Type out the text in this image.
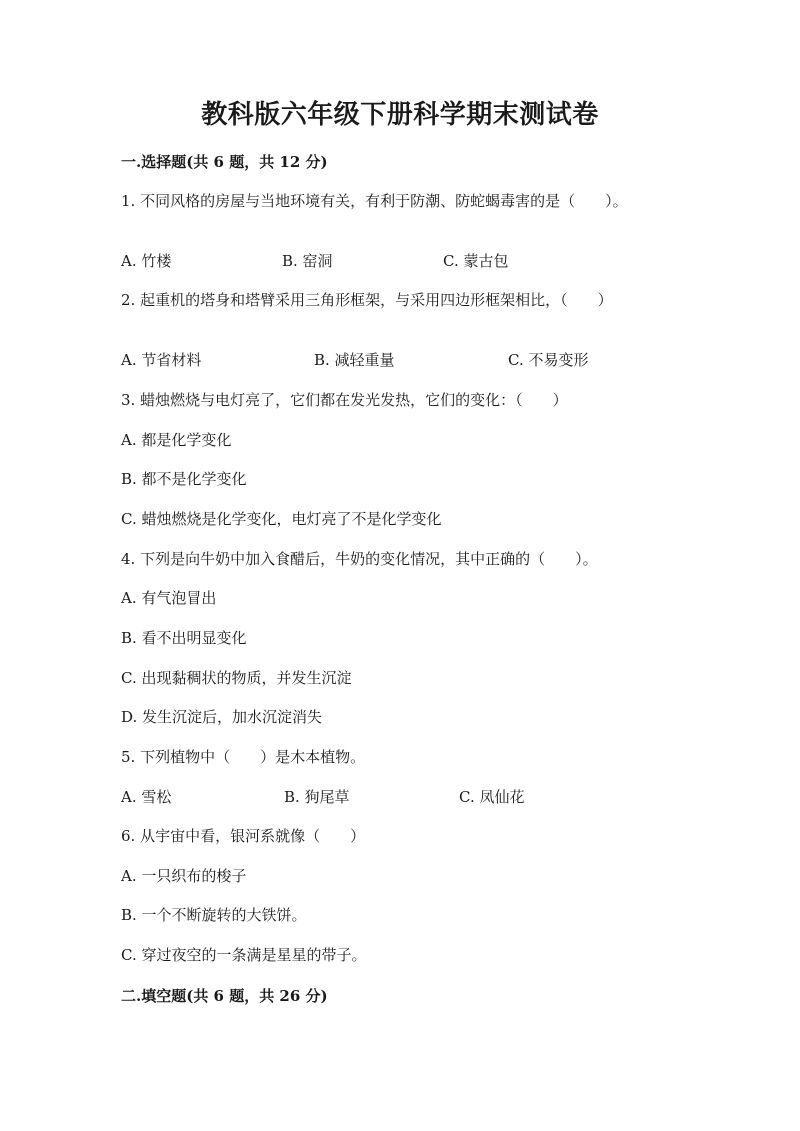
教科版六年级下册科学期末测试卷
一.选择题(共 6 题，共 12 分)
1. 不同风格的房屋与当地环境有关，有利于防潮、防蛇蝎毒害的是（　　）。
A. 竹楼	B. 窑洞	C. 蒙古包
2. 起重机的塔身和塔臂采用三角形框架，与采用四边形框架相比，（　　）
A. 节省材料	B. 减轻重量	C. 不易变形
3. 蜡烛燃烧与电灯亮了，它们都在发光发热，它们的变化：（　　）
A. 都是化学变化
B. 都不是化学变化
C. 蜡烛燃烧是化学变化，电灯亮了不是化学变化
4. 下列是向牛奶中加入食醋后，牛奶的变化情况，其中正确的（　　）。
A. 有气泡冒出
B. 看不出明显变化
C. 出现黏稠状的物质，并发生沉淀
D. 发生沉淀后，加水沉淀消失
5. 下列植物中（　　）是木本植物。
A. 雪松	B. 狗尾草	C. 凤仙花
6. 从宇宙中看，银河系就像（　　）
A. 一只织布的梭子
B. 一个不断旋转的大铁饼。
C. 穿过夜空的一条满是星星的带子。
二.填空题(共 6 题，共 26 分)
